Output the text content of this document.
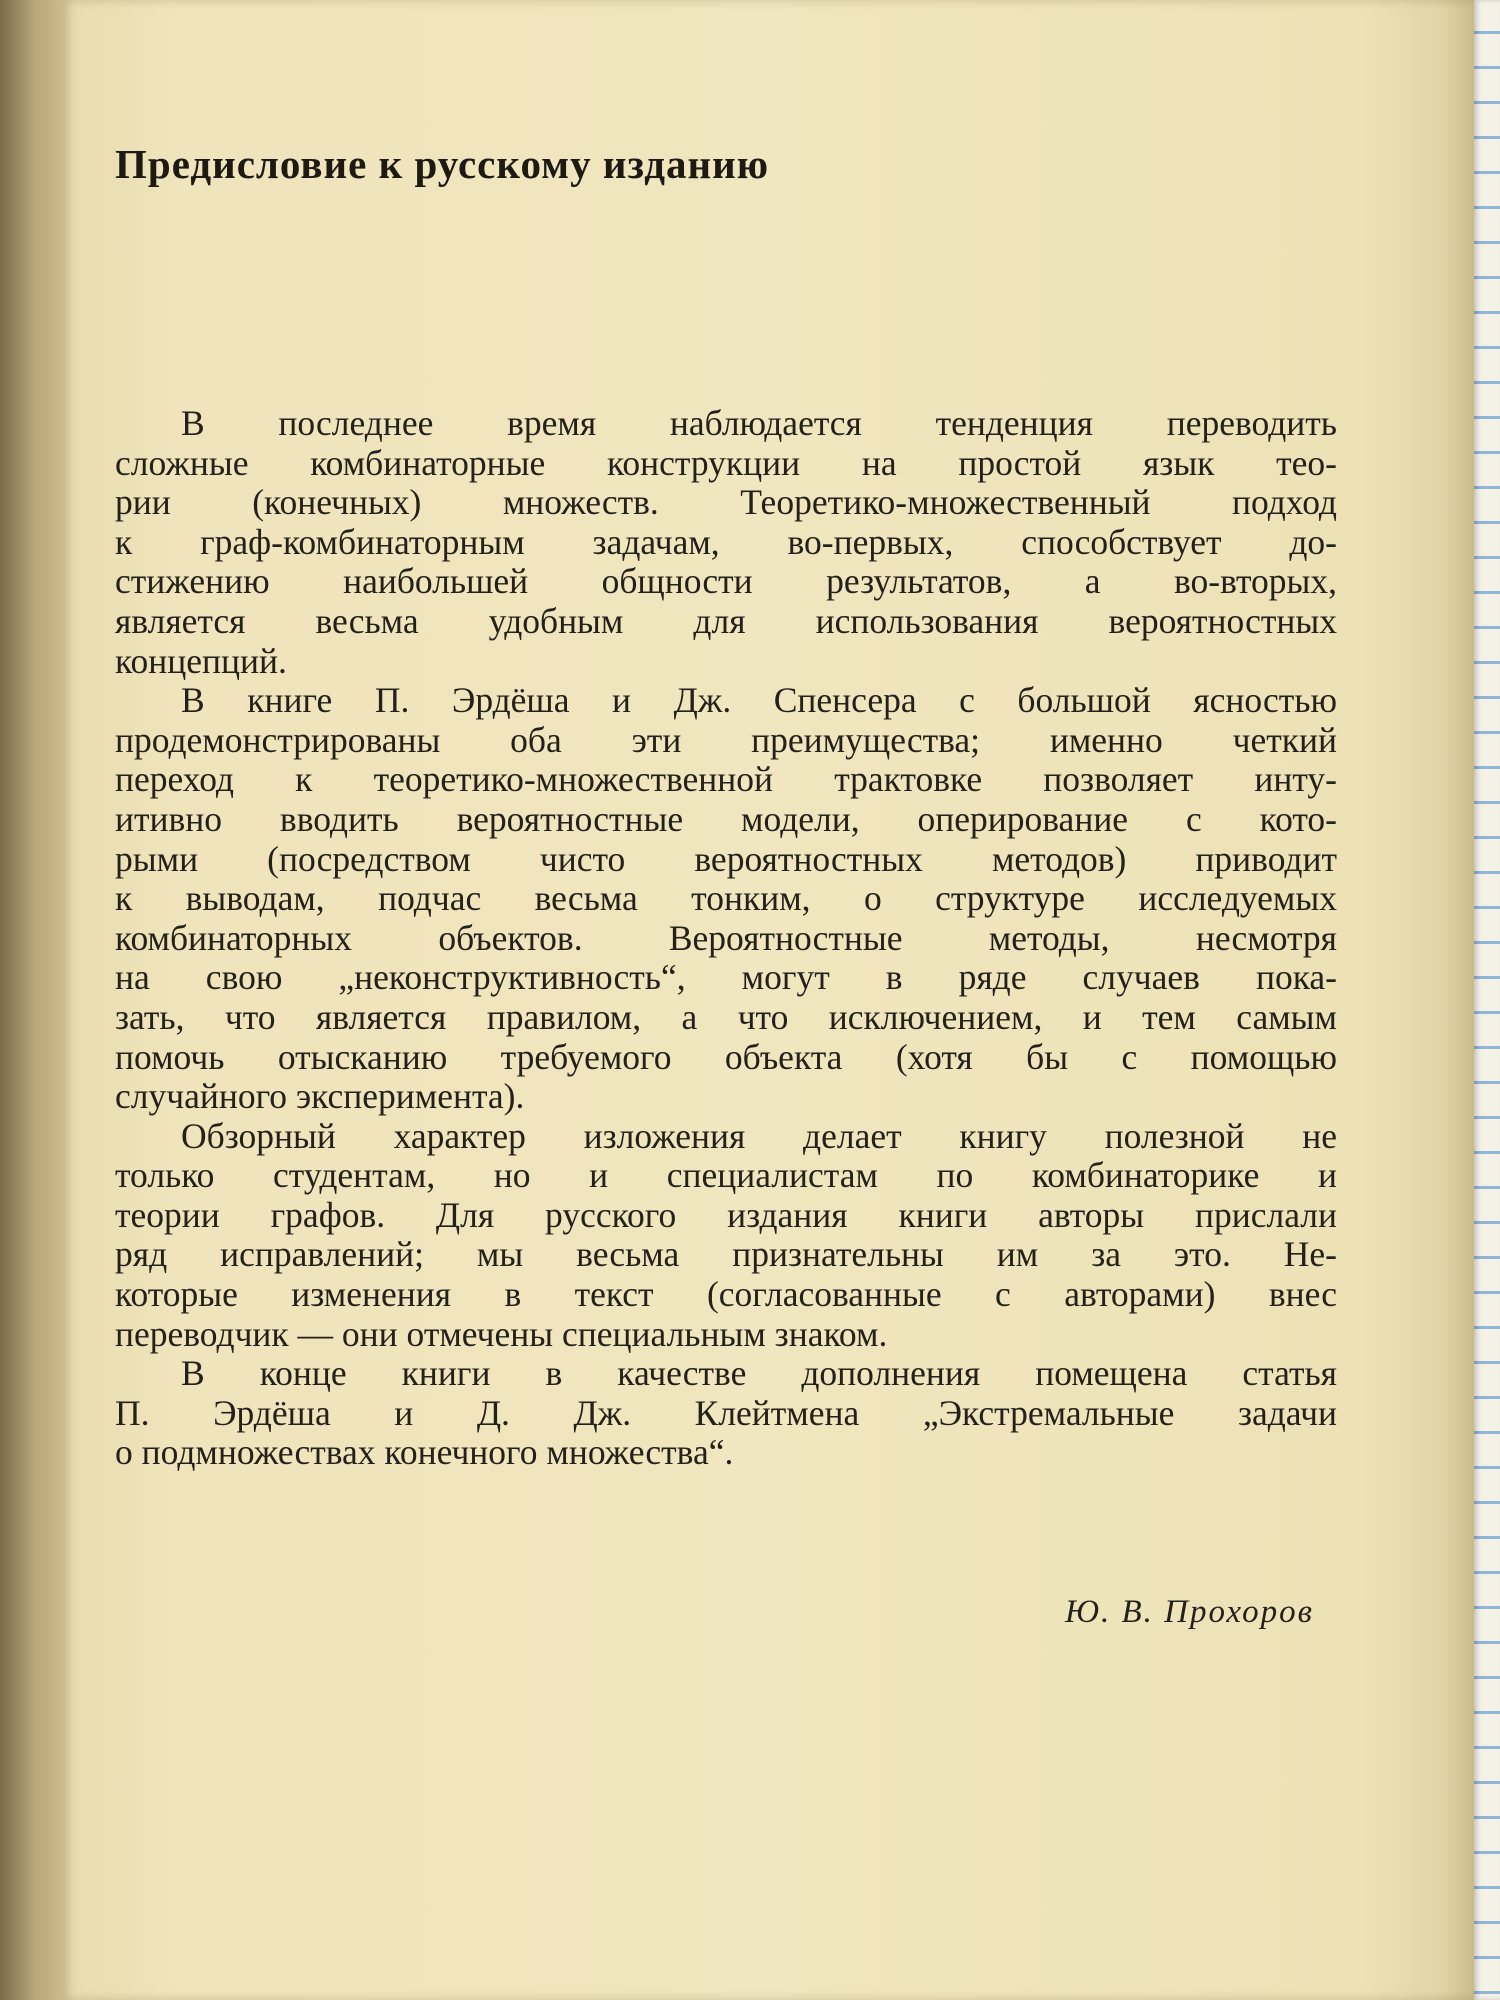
Предисловие к русскому изданию

В последнее время наблюдается тенденция переводить
сложные комбинаторные конструкции на простой язык тео-
рии (конечных) множеств. Теоретико-множественный подход
к граф-комбинаторным задачам, во-первых, способствует до-
стижению наибольшей общности результатов, а во-вторых,
является весьма удобным для использования вероятностных
концепций.

В книге П. Эрдёша и Дж. Спенсера с большой ясностью
продемонстрированы оба эти преимущества; именно четкий
переход к теоретико-множественной трактовке позволяет инту-
итивно вводить вероятностные модели, оперирование с кото-
рыми (посредством чисто вероятностных методов) приводит
к выводам, подчас весьма тонким, о структуре исследуемых
комбинаторных объектов. Вероятностные методы, несмотря
на свою „неконструктивность“, могут в ряде случаев пока-
зать, что является правилом, а что исключением, и тем самым
помочь отысканию требуемого объекта (хотя бы с помощью
случайного эксперимента).

Обзорный характер изложения делает книгу полезной не
только студентам, но и специалистам по комбинаторике и
теории графов. Для русского издания книги авторы прислали
ряд исправлений; мы весьма признательны им за это. Не-
которые изменения в текст (согласованные с авторами) внес
переводчик — они отмечены специальным знаком.

В конце книги в качестве дополнения помещена статья
П. Эрдёша и Д. Дж. Клейтмена „Экстремальные задачи
о подмножествах конечного множества“.

Ю. В. Прохоров
